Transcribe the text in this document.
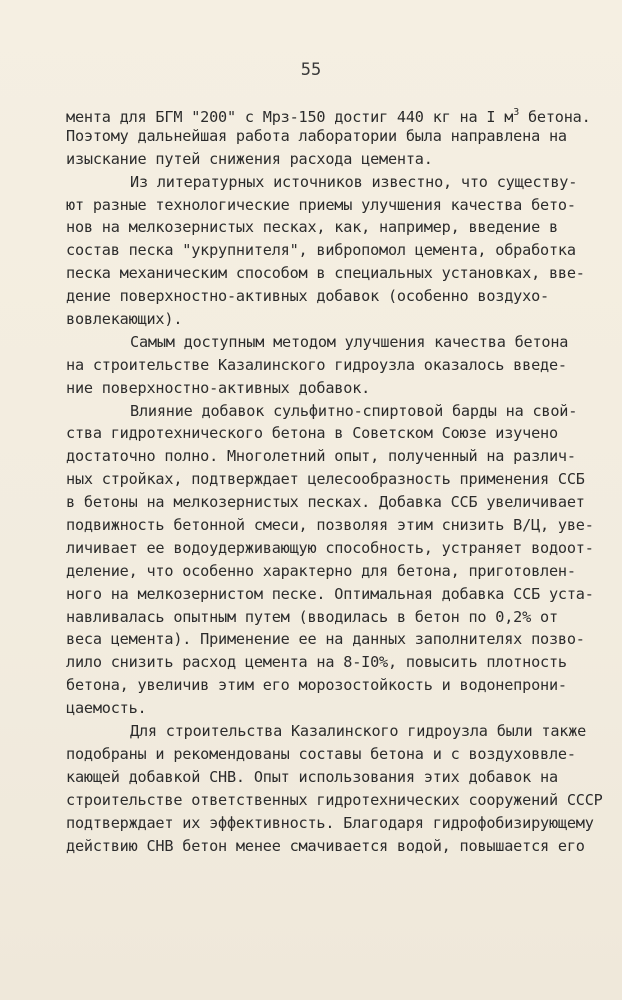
55
мента для БГМ "200" с Мрз-150 достиг 440 кг на I $м^3$ бетона.
Поэтому дальнейшая работа лаборатории была направлена на
изыскание путей снижения расхода цемента.
Из литературных источников известно, что существу-
ют разные технологические приемы улучшения качества бето-
нов на мелкозернистых песках, как, например, введение в
состав песка "укрупнителя", вибропомол цемента, обработка
песка механическим способом в специальных установках, вве-
дение поверхностно-активных добавок (особенно воздухо-
вовлекающих).
Самым доступным методом улучшения качества бетона
на строительстве Казалинского гидроузла оказалось введе-
ние поверхностно-активных добавок.
Влияние добавок сульфитно-спиртовой барды на свой-
ства гидротехнического бетона в Советском Союзе изучено
достаточно полно. Многолетний опыт, полученный на различ-
ных стройках, подтверждает целесообразность применения ССБ
в бетоны на мелкозернистых песках. Добавка ССБ увеличивает
подвижность бетонной смеси, позволяя этим снизить В/Ц, уве-
личивает ее водоудерживающую способность, устраняет водоот-
деление, что особенно характерно для бетона, приготовлен-
ного на мелкозернистом песке. Оптимальная добавка ССБ уста-
навливалась опытным путем (вводилась в бетон по 0,2% от
веса цемента). Применение ее на данных заполнителях позво-
лило снизить расход цемента на 8-I0%, повысить плотность
бетона, увеличив этим его морозостойкость и водонепрони-
цаемость.
Для строительства Казалинского гидроузла были также
подобраны и рекомендованы составы бетона и с воздуховвле-
кающей добавкой СНВ. Опыт использования этих добавок на
строительстве ответственных гидротехнических сооружений СССР
подтверждает их эффективность. Благодаря гидрофобизирующему
действию СНВ бетон менее смачивается водой, повышается его
